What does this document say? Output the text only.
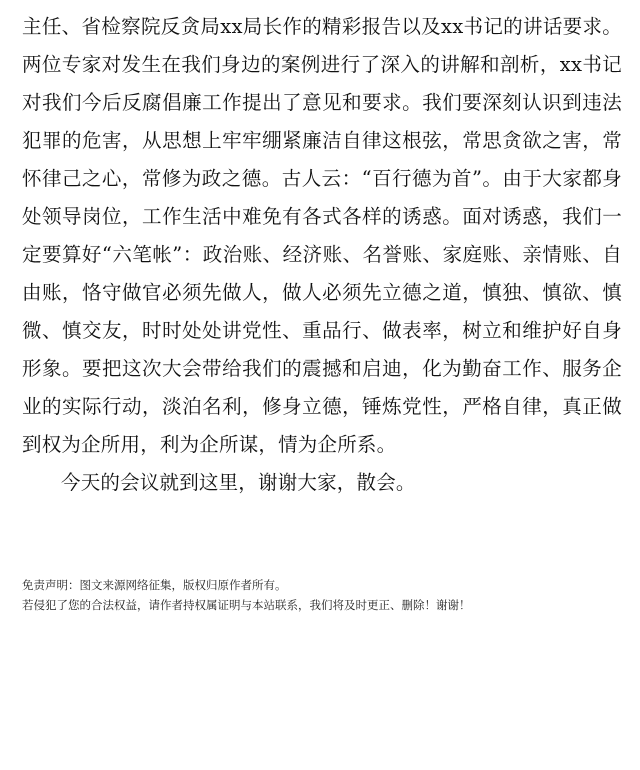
主任、省检察院反贪局xx局长作的精彩报告以及xx书记的讲话要求。两位专家对发生在我们身边的案例进行了深入的讲解和剖析，xx书记对我们今后反腐倡廉工作提出了意见和要求。我们要深刻认识到违法犯罪的危害，从思想上牢牢绷紧廉洁自律这根弦，常思贪欲之害，常怀律己之心，常修为政之德。古人云：“百行德为首”。由于大家都身处领导岗位，工作生活中难免有各式各样的诱惑。面对诱惑，我们一定要算好“六笔帐”：政治账、经济账、名誉账、家庭账、亲情账、自由账，恪守做官必须先做人，做人必须先立德之道，慎独、慎欲、慎微、慎交友，时时处处讲党性、重品行、做表率，树立和维护好自身形象。要把这次大会带给我们的震撼和启迪，化为勤奋工作、服务企业的实际行动，淡泊名利，修身立德，锤炼党性，严格自律，真正做到权为企所用，利为企所谋，情为企所系。

今天的会议就到这里，谢谢大家，散会。

免责声明：图文来源网络征集，版权归原作者所有。
若侵犯了您的合法权益，请作者持权属证明与本站联系，我们将及时更正、删除！谢谢！
